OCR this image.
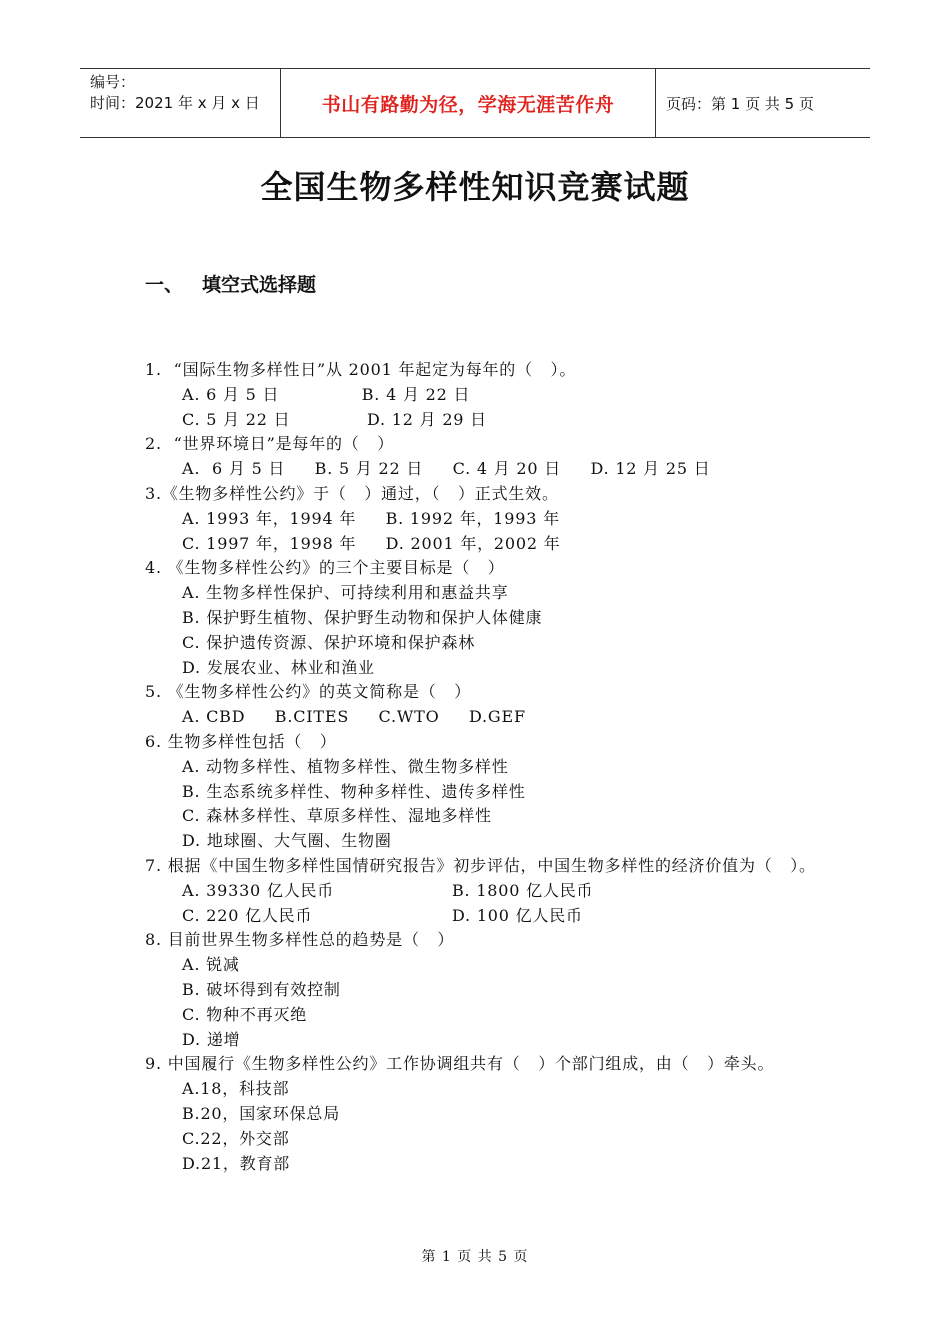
编号：
时间：2021 年 x 月 x 日	书山有路勤为径，学海无涯苦作舟	页码：第 1 页 共 5 页
全国生物多样性知识竞赛试题
一、 填空式选择题
1.  “国际生物多样性日”从 2001 年起定为每年的（   ）。
A. 6 月 5 日              B. 4 月 22 日
C. 5 月 22 日             D. 12 月 29 日
2.  “世界环境日”是每年的（   ）
A.  6 月 5 日     B. 5 月 22 日     C. 4 月 20 日     D. 12 月 25 日
3.《生物多样性公约》于（   ）通过，（   ）正式生效。
A. 1993 年，1994 年     B. 1992 年，1993 年
C. 1997 年，1998 年     D. 2001 年，2002 年
4. 《生物多样性公约》的三个主要目标是（   ）
A. 生物多样性保护、可持续利用和惠益共享
B. 保护野生植物、保护野生动物和保护人体健康
C. 保护遗传资源、保护环境和保护森林
D. 发展农业、林业和渔业
5. 《生物多样性公约》的英文简称是（   ）
A. CBD     B.CITES     C.WTO     D.GEF
6. 生物多样性包括（   ）
A. 动物多样性、植物多样性、微生物多样性
B. 生态系统多样性、物种多样性、遗传多样性
C. 森林多样性、草原多样性、湿地多样性
D. 地球圈、大气圈、生物圈
7. 根据《中国生物多样性国情研究报告》初步评估，中国生物多样性的经济价值为（   ）。
A. 39330 亿人民币	B. 1800 亿人民币
C. 220 亿人民币	D. 100 亿人民币
8. 目前世界生物多样性总的趋势是（   ）
A. 锐减
B. 破坏得到有效控制
C. 物种不再灭绝
D. 递增
9. 中国履行《生物多样性公约》工作协调组共有（   ）个部门组成，由（   ）牵头。
A.18，科技部
B.20，国家环保总局
C.22，外交部
D.21，教育部
第 1 页 共 5 页
